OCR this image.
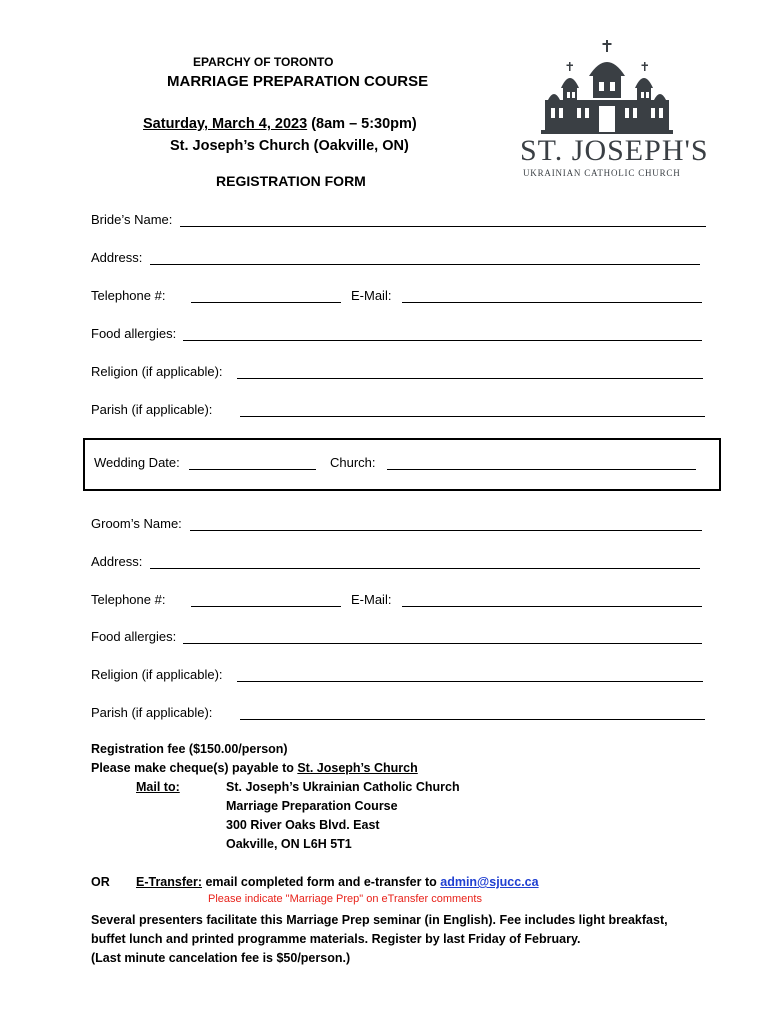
EPARCHY OF TORONTO
MARRIAGE PREPARATION COURSE
Saturday, March 4, 2023 (8am – 5:30pm)
St. Joseph’s Church (Oakville, ON)
REGISTRATION FORM
ST. JOSEPH'S
UKRAINIAN CATHOLIC CHURCH
Bride’s Name:
Address:
Telephone #:	E-Mail:
Food allergies:
Religion (if applicable):
Parish (if applicable):
Wedding Date:	Church:
Groom’s Name:
Address:
Telephone #:	E-Mail:
Food allergies:
Religion (if applicable):
Parish (if applicable):
Registration fee ($150.00/person)
Please make cheque(s) payable to St. Joseph’s Church
Mail to:	St. Joseph’s Ukrainian Catholic Church
Marriage Preparation Course
300 River Oaks Blvd. East
Oakville, ON L6H 5T1
OR E-Transfer: email completed form and e-transfer to admin@sjucc.ca
Please indicate "Marriage Prep" on eTransfer comments
Several presenters facilitate this Marriage Prep seminar (in English). Fee includes light breakfast,
buffet lunch and printed programme materials. Register by last Friday of February.
(Last minute cancelation fee is $50/person.)
